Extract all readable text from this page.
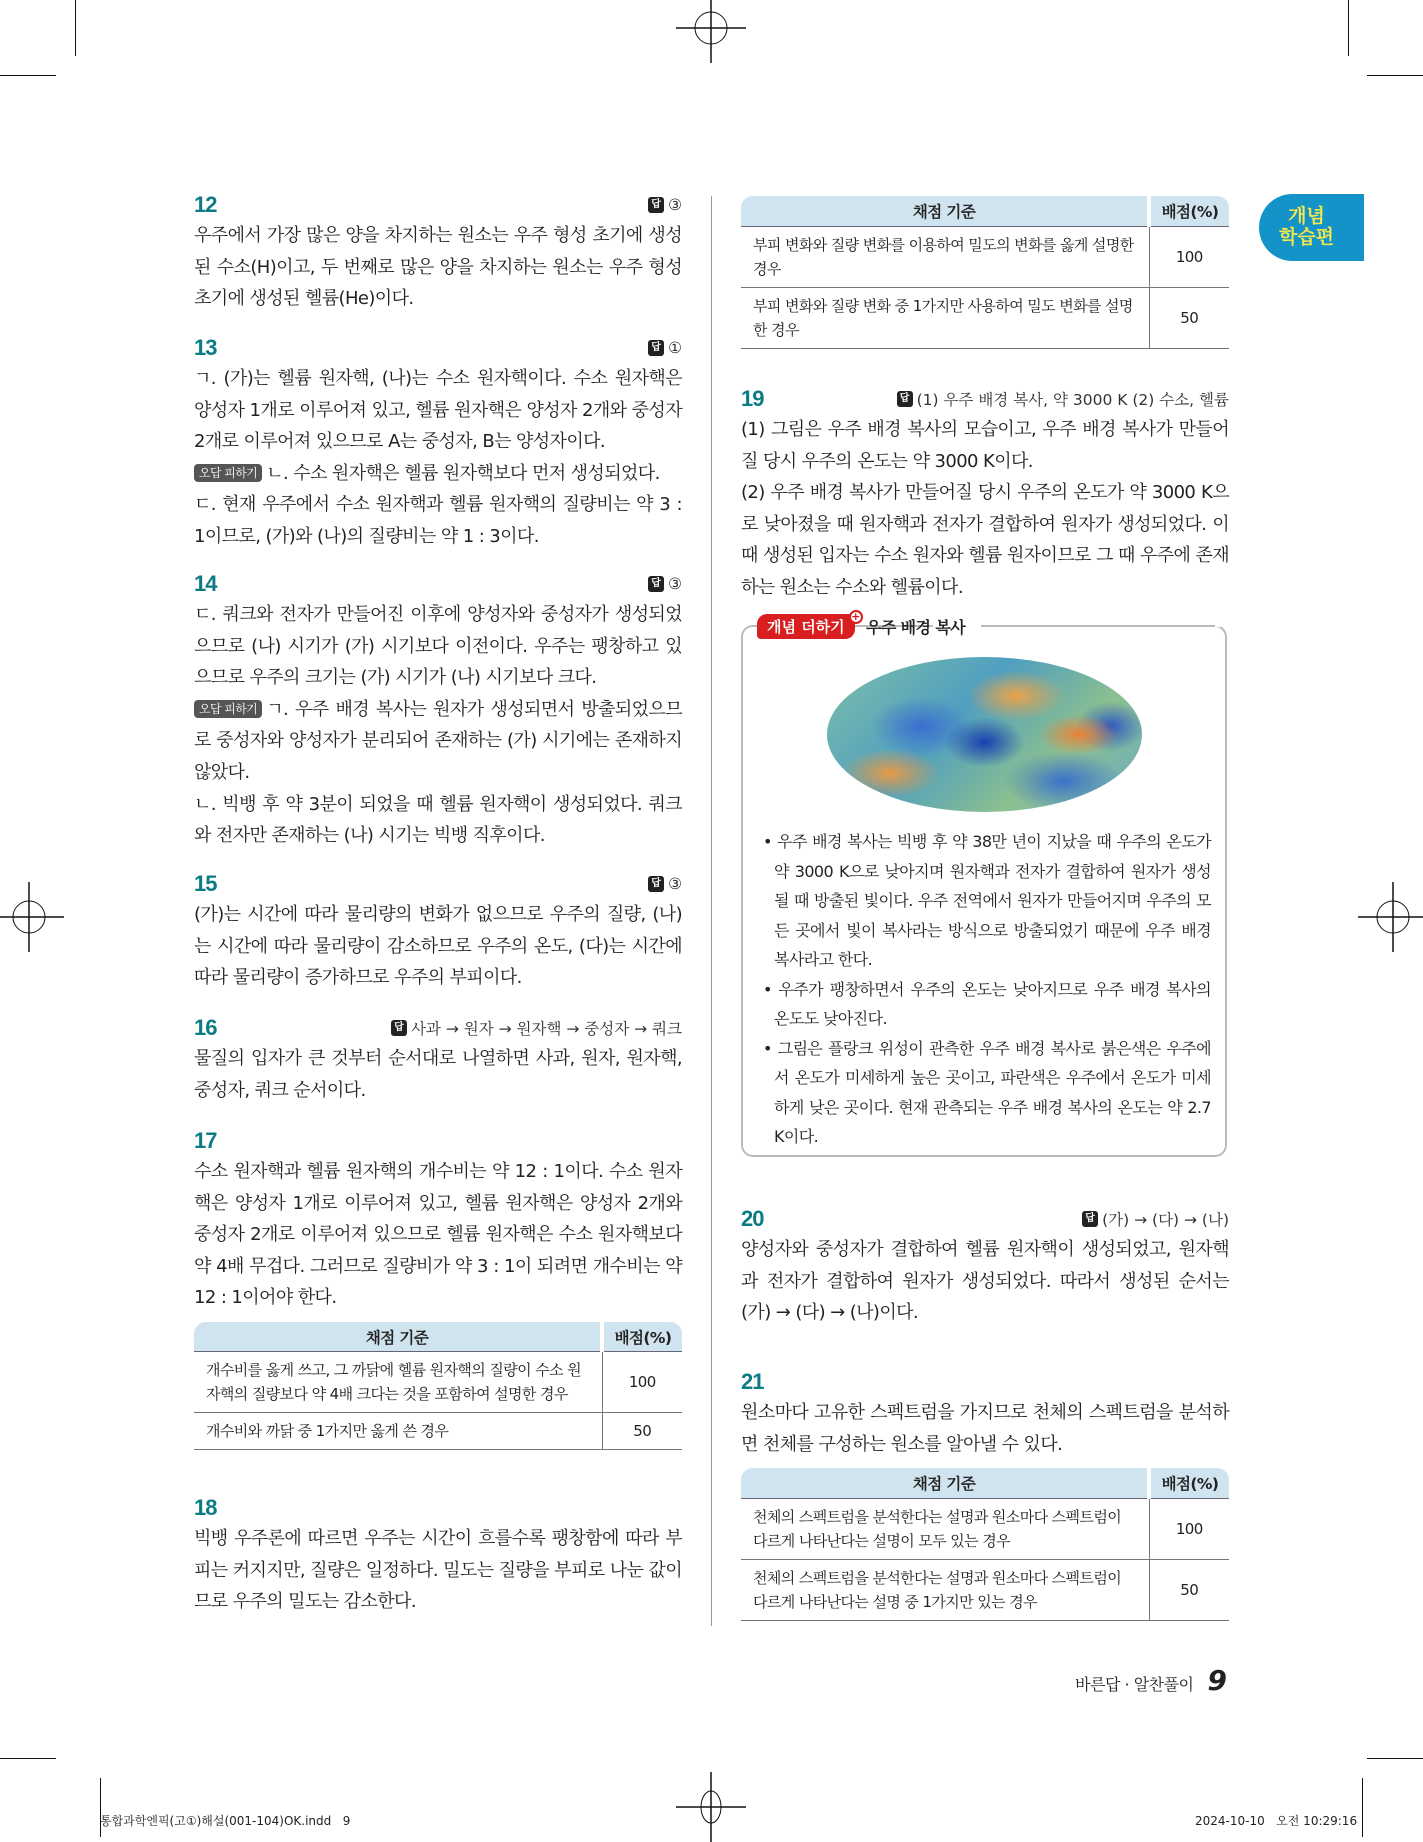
개념
학습편
12	답 ③

우주에서 가장 많은 양을 차지하는 원소는 우주 형성 초기에 생성된 수소(H)이고, 두 번째로 많은 양을 차지하는 원소는 우주 형성 초기에 생성된 헬륨(He)이다.

13	답 ①

ㄱ. (가)는 헬륨 원자핵, (나)는 수소 원자핵이다. 수소 원자핵은 양성자 1개로 이루어져 있고, 헬륨 원자핵은 양성자 2개와 중성자 2개로 이루어져 있으므로 A는 중성자, B는 양성자이다.

오답 피하기 ㄴ. 수소 원자핵은 헬륨 원자핵보다 먼저 생성되었다.

ㄷ. 현재 우주에서 수소 원자핵과 헬륨 원자핵의 질량비는 약 3 : 1이므로, (가)와 (나)의 질량비는 약 1 : 3이다.

14	답 ③

ㄷ. 쿼크와 전자가 만들어진 이후에 양성자와 중성자가 생성되었으므로 (나) 시기가 (가) 시기보다 이전이다. 우주는 팽창하고 있으므로 우주의 크기는 (가) 시기가 (나) 시기보다 크다.

오답 피하기 ㄱ. 우주 배경 복사는 원자가 생성되면서 방출되었으므로 중성자와 양성자가 분리되어 존재하는 (가) 시기에는 존재하지 않았다.

ㄴ. 빅뱅 후 약 3분이 되었을 때 헬륨 원자핵이 생성되었다. 쿼크와 전자만 존재하는 (나) 시기는 빅뱅 직후이다.

15	답 ③

(가)는 시간에 따라 물리량의 변화가 없으므로 우주의 질량, (나)는 시간에 따라 물리량이 감소하므로 우주의 온도, (다)는 시간에 따라 물리량이 증가하므로 우주의 부피이다.

16	답 사과 → 원자 → 원자핵 → 중성자 → 쿼크

물질의 입자가 큰 것부터 순서대로 나열하면 사과, 원자, 원자핵, 중성자, 쿼크 순서이다.

17

수소 원자핵과 헬륨 원자핵의 개수비는 약 12 : 1이다. 수소 원자핵은 양성자 1개로 이루어져 있고, 헬륨 원자핵은 양성자 2개와 중성자 2개로 이루어져 있으므로 헬륨 원자핵은 수소 원자핵보다 약 4배 무겁다. 그러므로 질량비가 약 3 : 1이 되려면 개수비는 약 12 : 1이어야 한다.

채점 기준	배점(%)
개수비를 옳게 쓰고, 그 까닭에 헬륨 원자핵의 질량이 수소 원자핵의 질량보다 약 4배 크다는 것을 포함하여 설명한 경우	100
개수비와 까닭 중 1가지만 옳게 쓴 경우	50
18

빅뱅 우주론에 따르면 우주는 시간이 흐를수록 팽창함에 따라 부피는 커지지만, 질량은 일정하다. 밀도는 질량을 부피로 나눈 값이므로 우주의 밀도는 감소한다.

채점 기준	배점(%)
부피 변화와 질량 변화를 이용하여 밀도의 변화를 옳게 설명한 경우	100
부피 변화와 질량 변화 중 1가지만 사용하여 밀도 변화를 설명한 경우	50
19	답 (1) 우주 배경 복사, 약 3000 K (2) 수소, 헬륨

(1) 그림은 우주 배경 복사의 모습이고, 우주 배경 복사가 만들어질 당시 우주의 온도는 약 3000 K이다.

(2) 우주 배경 복사가 만들어질 당시 우주의 온도가 약 3000 K으로 낮아졌을 때 원자핵과 전자가 결합하여 원자가 생성되었다. 이때 생성된 입자는 수소 원자와 헬륨 원자이므로 그 때 우주에 존재하는 원소는 수소와 헬륨이다.

• 우주 배경 복사는 빅뱅 후 약 38만 년이 지났을 때 우주의 온도가 약 3000 K으로 낮아지며 원자핵과 전자가 결합하여 원자가 생성될 때 방출된 빛이다. 우주 전역에서 원자가 만들어지며 우주의 모든 곳에서 빛이 복사라는 방식으로 방출되었기 때문에 우주 배경 복사라고 한다.
• 우주가 팽창하면서 우주의 온도는 낮아지므로 우주 배경 복사의 온도도 낮아진다.
• 그림은 플랑크 위성이 관측한 우주 배경 복사로 붉은색은 우주에서 온도가 미세하게 높은 곳이고, 파란색은 우주에서 온도가 미세하게 낮은 곳이다. 현재 관측되는 우주 배경 복사의 온도는 약 2.7 K이다.
개념 더하기
+
우주 배경 복사
20	답 (가) → (다) → (나)

양성자와 중성자가 결합하여 헬륨 원자핵이 생성되었고, 원자핵과 전자가 결합하여 원자가 생성되었다. 따라서 생성된 순서는 (가) → (다) → (나)이다.

21

원소마다 고유한 스펙트럼을 가지므로 천체의 스펙트럼을 분석하면 천체를 구성하는 원소를 알아낼 수 있다.

채점 기준	배점(%)
천체의 스펙트럼을 분석한다는 설명과 원소마다 스펙트럼이 다르게 나타난다는 설명이 모두 있는 경우	100
천체의 스펙트럼을 분석한다는 설명과 원소마다 스펙트럼이 다르게 나타난다는 설명 중 1가지만 있는 경우	50
바른답 · 알찬풀이 9
통합과학엔픽(고①)해설(001-104)OK.indd   9	2024-10-10   오전 10:29:16
